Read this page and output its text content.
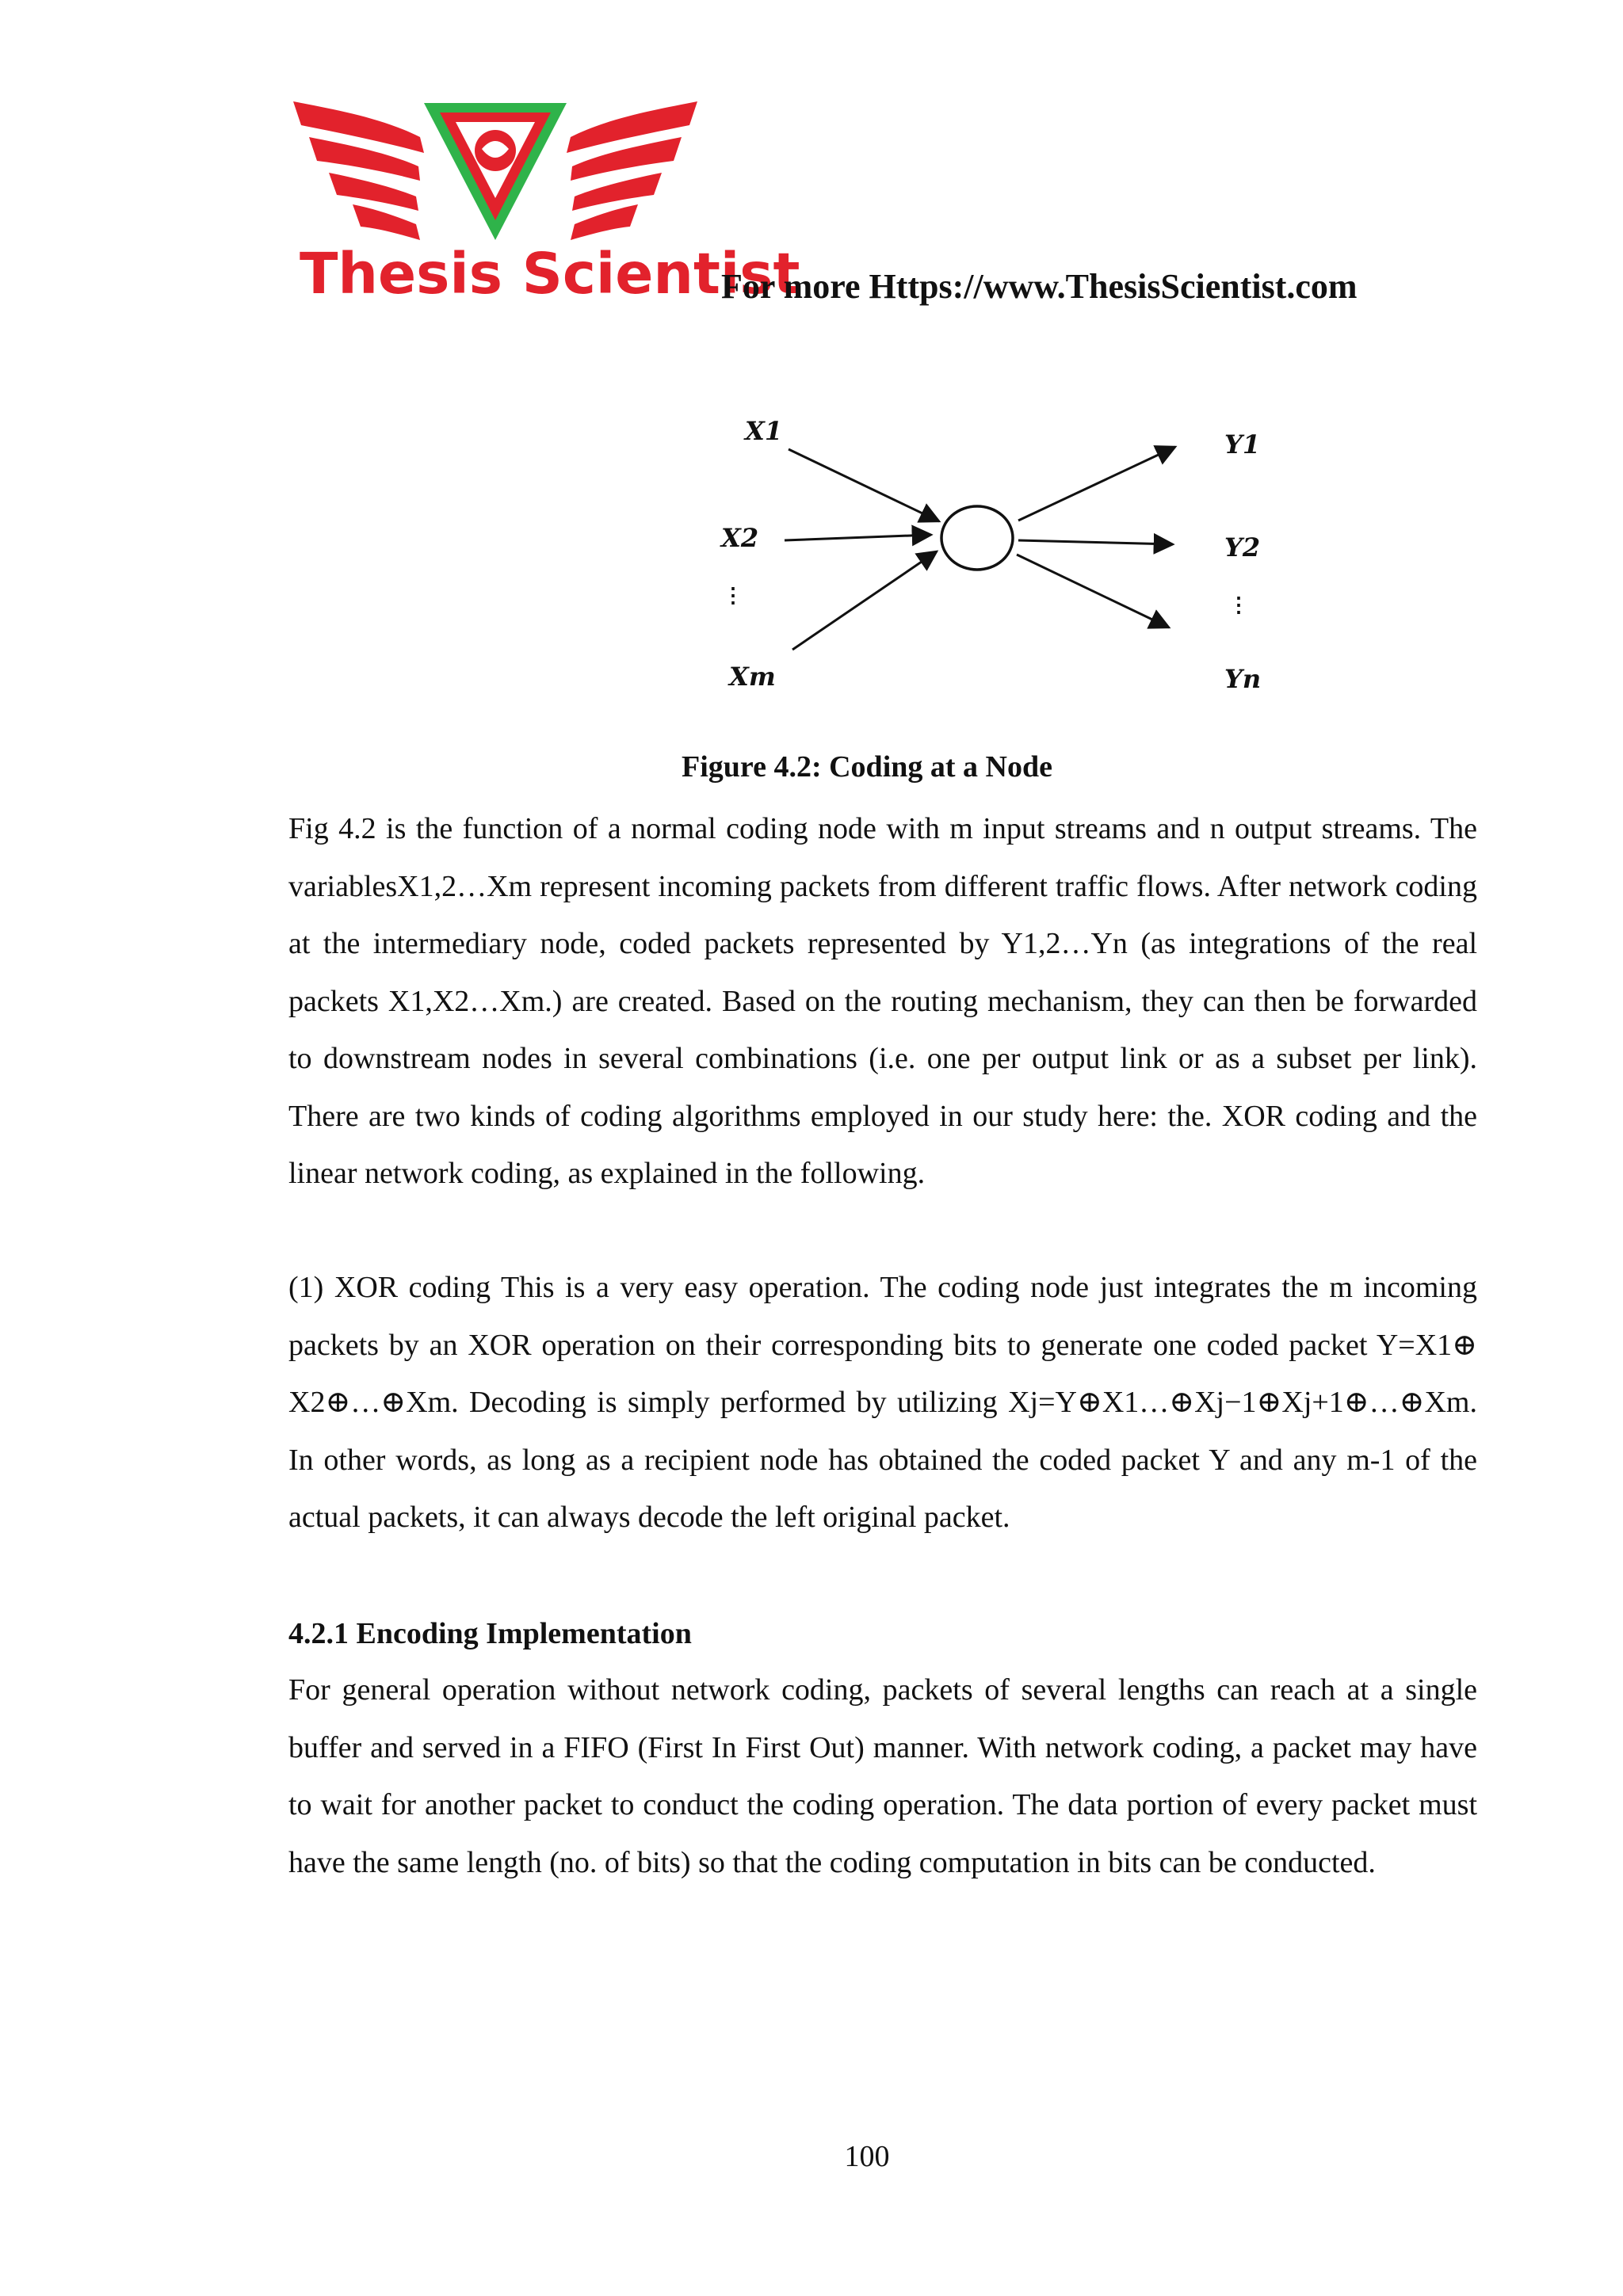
Thesis Scientist
For more Https://www.ThesisScientist.com
X1
X2
Xm
⋮
Y1
Y2
Yn
⋮
Figure 4.2: Coding at a Node

Fig 4.2 is the function of a normal coding node with m input streams and n output streams. The variablesX1,2…Xm represent incoming packets from different traffic flows. After network coding at the intermediary node, coded packets represented by Y1,2…Yn (as integrations of the real packets X1,X2…Xm.) are created. Based on the routing mechanism, they can then be forwarded to downstream nodes in several combinations (i.e. one per output link or as a subset per link). There are two kinds of coding algorithms employed in our study here: the. XOR coding and the linear network coding, as explained in the following.

(1) XOR coding This is a very easy operation. The coding node just integrates the m incoming packets by an XOR operation on their corresponding bits to generate one coded packet Y=X1⊕ X2⊕…⊕Xm. Decoding is simply performed by utilizing Xj=Y⊕X1…⊕Xj−1⊕Xj+1⊕…⊕Xm. In other words, as long as a recipient node has obtained the coded packet Y and any m-1 of the actual packets, it can always decode the left original packet.

4.2.1 Encoding Implementation

For general operation without network coding, packets of several lengths can reach at a single buffer and served in a FIFO (First In First Out) manner. With network coding, a packet may have to wait for another packet to conduct the coding operation. The data portion of every packet must have the same length (no. of bits) so that the coding computation in bits can be conducted.

100
